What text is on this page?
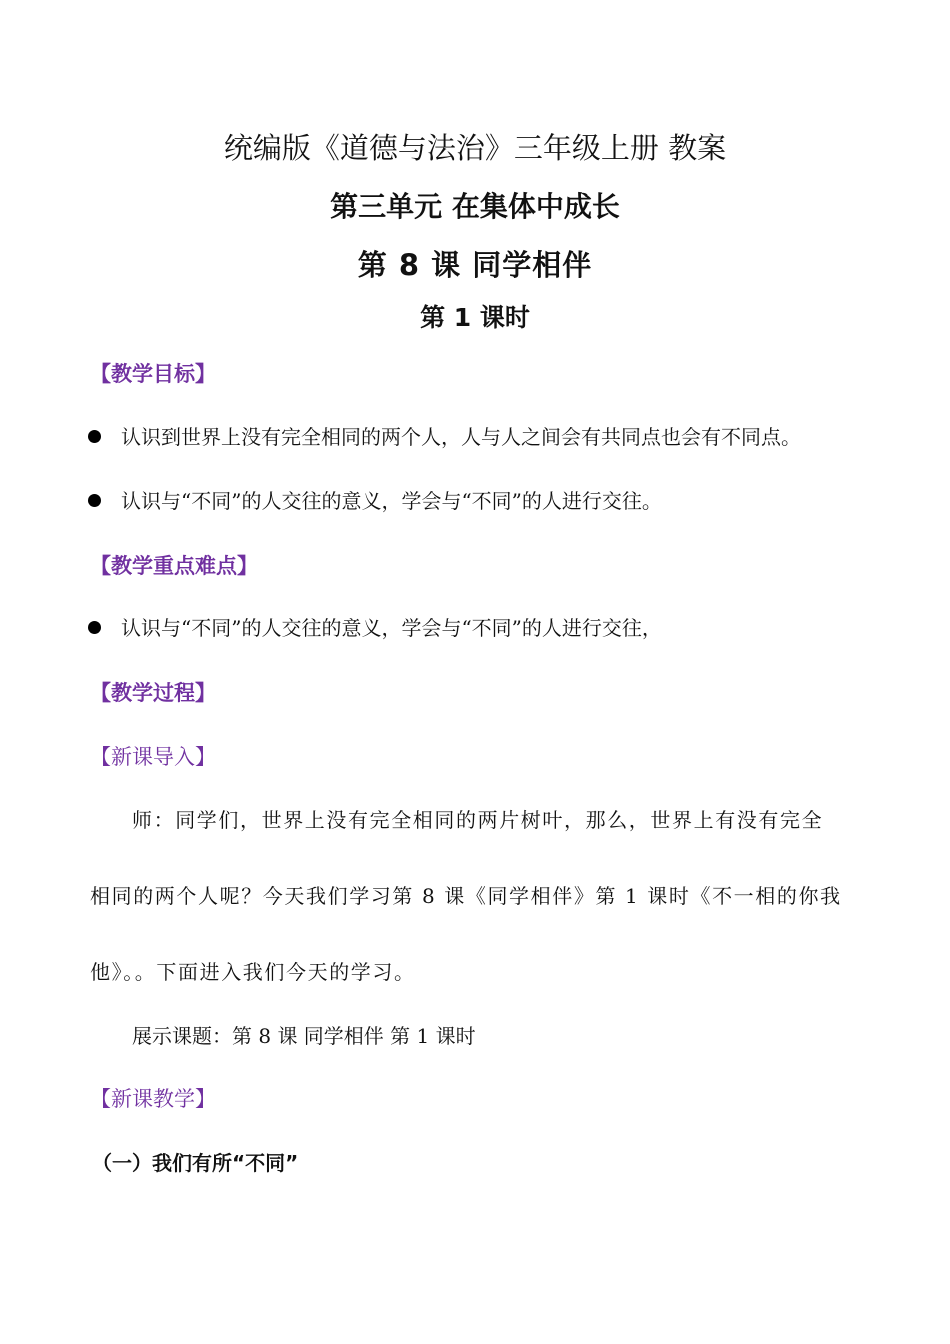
统编版《道德与法治》三年级上册 教案
第三单元 在集体中成长
第 8 课 同学相伴
第 1 课时
【教学目标】
认识到世界上没有完全相同的两个人，人与人之间会有共同点也会有不同点。
认识与“不同”的人交往的意义，学会与“不同”的人进行交往。
【教学重点难点】
认识与“不同”的人交往的意义，学会与“不同”的人进行交往，
【教学过程】
【新课导入】
师：同学们，世界上没有完全相同的两片树叶，那么，世界上有没有完全
相同的两个人呢？今天我们学习第 8 课《同学相伴》第 1 课时《不一相的你我
他》。。下面进入我们今天的学习。
展示课题：第 8 课 同学相伴 第 1 课时
【新课教学】
（一）我们有所“不同”
